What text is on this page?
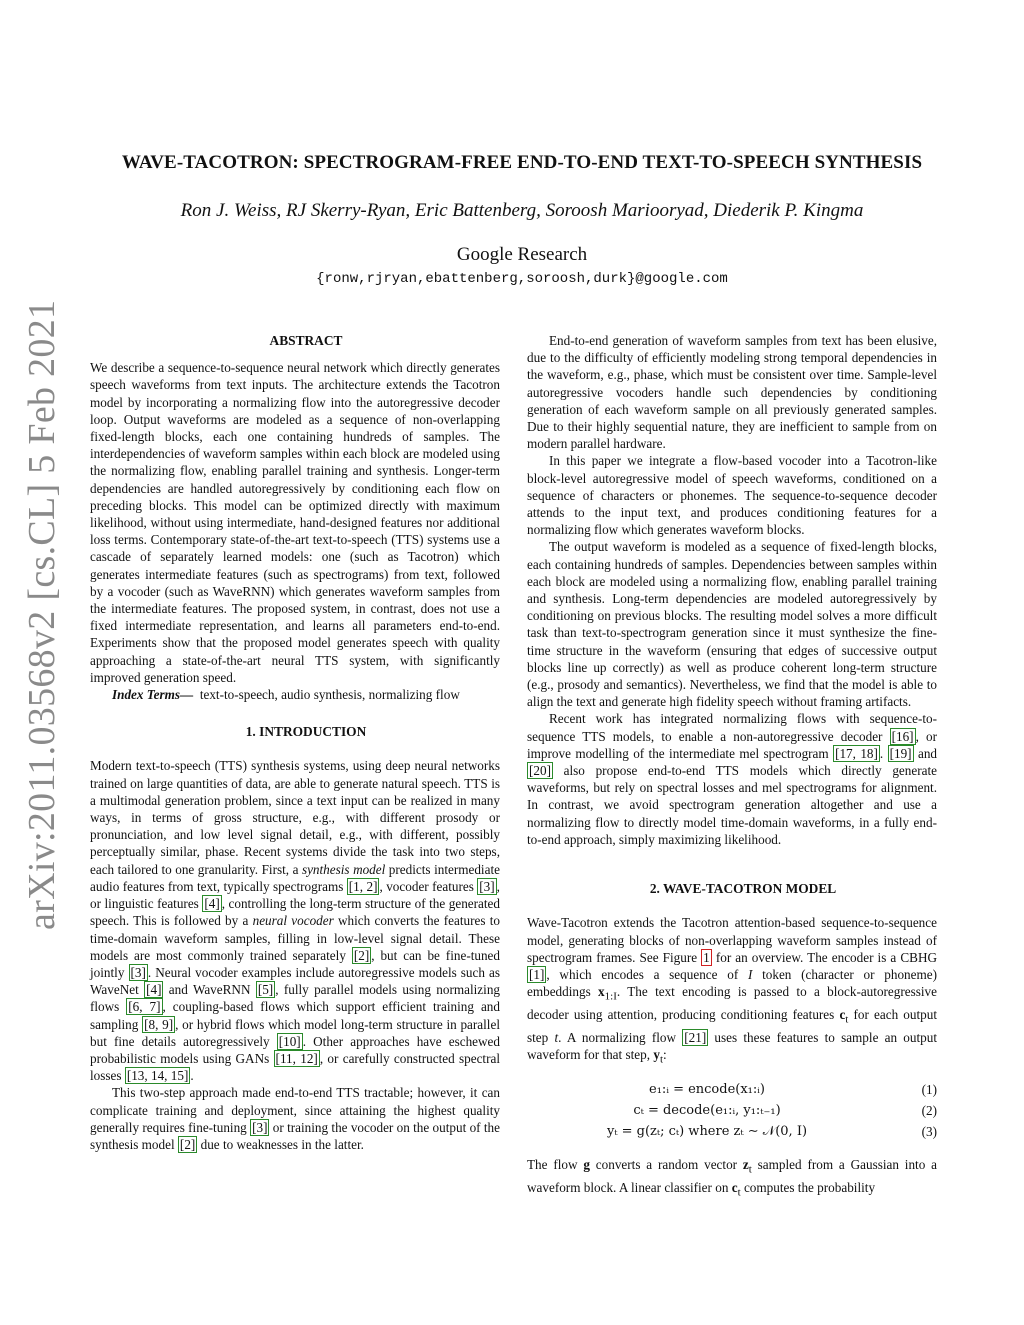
arXiv:2011.03568v2 [cs.CL] 5 Feb 2021
WAVE-TACOTRON: SPECTROGRAM-FREE END-TO-END TEXT-TO-SPEECH SYNTHESIS
Ron J. Weiss, RJ Skerry-Ryan, Eric Battenberg, Soroosh Mariooryad, Diederik P. Kingma
Google Research
{ronw,rjryan,ebattenberg,soroosh,durk}@google.com

ABSTRACT

We describe a sequence-to-sequence neural network which directly generates speech waveforms from text inputs. The architecture extends the Tacotron model by incorporating a normalizing flow into the autoregressive decoder loop. Output waveforms are modeled as a sequence of non-overlapping fixed-length blocks, each one containing hundreds of samples. The interdependencies of waveform samples within each block are modeled using the normalizing flow, enabling parallel training and synthesis. Longer-term dependencies are handled autoregressively by conditioning each flow on preceding blocks. This model can be optimized directly with maximum likelihood, without using intermediate, hand-designed features nor additional loss terms. Contemporary state-of-the-art text-to-speech (TTS) systems use a cascade of separately learned models: one (such as Tacotron) which generates intermediate features (such as spectrograms) from text, followed by a vocoder (such as WaveRNN) which generates waveform samples from the intermediate features. The proposed system, in contrast, does not use a fixed intermediate representation, and learns all parameters end-to-end. Experiments show that the proposed model generates speech with quality approaching a state-of-the-art neural TTS system, with significantly improved generation speed.

Index Terms— text-to-speech, audio synthesis, normalizing flow

1. INTRODUCTION

Modern text-to-speech (TTS) synthesis systems, using deep neural networks trained on large quantities of data, are able to generate natural speech. TTS is a multimodal generation problem, since a text input can be realized in many ways, in terms of gross structure, e.g., with different prosody or pronunciation, and low level signal detail, e.g., with different, possibly perceptually similar, phase. Recent systems divide the task into two steps, each tailored to one granularity. First, a synthesis model predicts intermediate audio features from text, typically spectrograms [1, 2] , vocoder features [3] , or linguistic features [4] , controlling the long-term structure of the generated speech. This is followed by a neural vocoder which converts the features to time-domain waveform samples, filling in low-level signal detail. These models are most commonly trained separately [2] , but can be fine-tuned jointly [3] . Neural vocoder examples include autoregressive models such as WaveNet [4] and WaveRNN [5] , fully parallel models using normalizing flows [6, 7] , coupling-based flows which support efficient training and sampling [8, 9] , or hybrid flows which model long-term structure in parallel but fine details autoregressively [10] . Other approaches have eschewed probabilistic models using GANs [11, 12] , or carefully constructed spectral losses [13, 14, 15] .

This two-step approach made end-to-end TTS tractable; however, it can complicate training and deployment, since attaining the highest quality generally requires fine-tuning [3] or training the vocoder on the output of the synthesis model [2] due to weaknesses in the latter.

End-to-end generation of waveform samples from text has been elusive, due to the difficulty of efficiently modeling strong temporal dependencies in the waveform, e.g., phase, which must be consistent over time. Sample-level autoregressive vocoders handle such dependencies by conditioning generation of each waveform sample on all previously generated samples. Due to their highly sequential nature, they are inefficient to sample from on modern parallel hardware.

In this paper we integrate a flow-based vocoder into a Tacotron-like block-level autoregressive model of speech waveforms, conditioned on a sequence of characters or phonemes. The sequence-to-sequence decoder attends to the input text, and produces conditioning features for a normalizing flow which generates waveform blocks.

The output waveform is modeled as a sequence of fixed-length blocks, each containing hundreds of samples. Dependencies between samples within each block are modeled using a normalizing flow, enabling parallel training and synthesis. Long-term dependencies are modeled autoregressively by conditioning on previous blocks. The resulting model solves a more difficult task than text-to-spectrogram generation since it must synthesize the fine-time structure in the waveform (ensuring that edges of successive output blocks line up correctly) as well as produce coherent long-term structure (e.g., prosody and semantics). Nevertheless, we find that the model is able to align the text and generate high fidelity speech without framing artifacts.

Recent work has integrated normalizing flows with sequence-to-sequence TTS models, to enable a non-autoregressive decoder [16] , or improve modelling of the intermediate mel spectrogram [17, 18] . [19] and [20] also propose end-to-end TTS models which directly generate waveforms, but rely on spectral losses and mel spectrograms for alignment. In contrast, we avoid spectrogram generation altogether and use a normalizing flow to directly model time-domain waveforms, in a fully end-to-end approach, simply maximizing likelihood.

2. WAVE-TACOTRON MODEL

Wave-Tacotron extends the Tacotron attention-based sequence-to-sequence model, generating blocks of non-overlapping waveform samples instead of spectrogram frames. See Figure 1 for an overview. The encoder is a CBHG [1] , which encodes a sequence of I token (character or phoneme) embeddings $x_{1:I}$. The text encoding is passed to a block-autoregressive decoder using attention, producing conditioning features $c_t$ for each output step t. A normalizing flow [21] uses these features to sample an output waveform for that step, $y_t$:

e₁:ᵢ = encode(x₁:ᵢ)	(1)
cₜ = decode(e₁:ᵢ, y₁:ₜ₋₁)	(2)
yₜ = g(zₜ; cₜ) where zₜ ∼ 𝒩(0, I)	(3)

The flow g converts a random vector $z_t$ sampled from a Gaussian into a waveform block. A linear classifier on $c_t$ computes the probability
